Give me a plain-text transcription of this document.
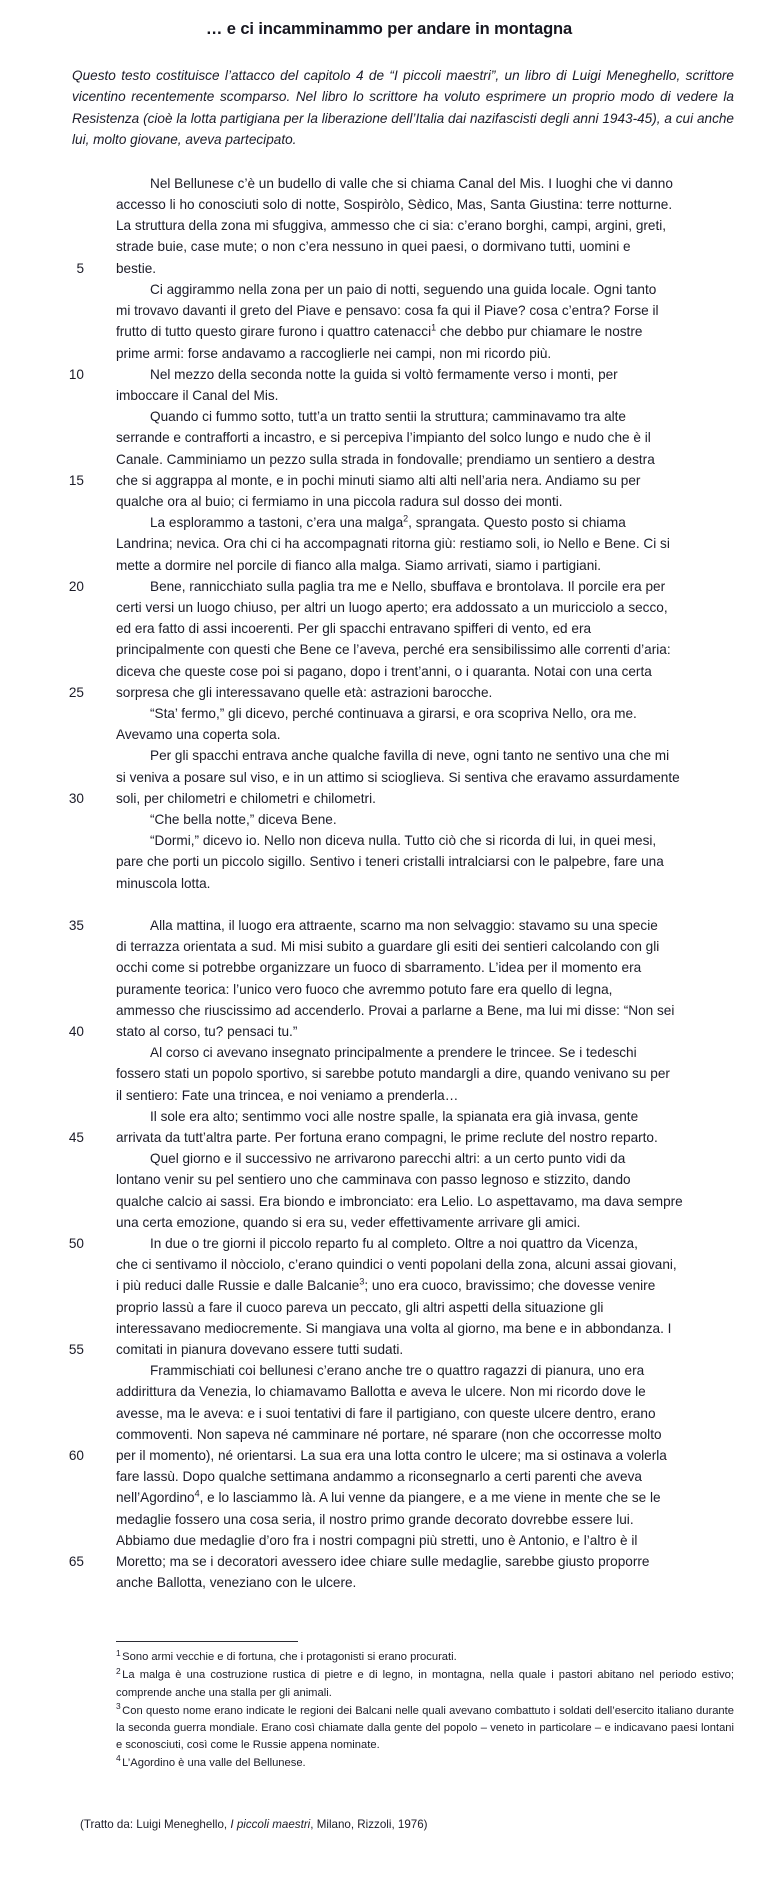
… e ci incamminammo per andare in montagna

Questo testo costituisce l’attacco del capitolo 4 de “I piccoli maestri”, un libro di Luigi Meneghello, scrittore vicentino recentemente scomparso. Nel libro lo scrittore ha voluto esprimere un proprio modo di vedere la Resistenza (cioè la lotta partigiana per la liberazione dell’Italia dai nazifascisti degli anni 1943-45), a cui anche lui, molto giovane, aveva partecipato.

Nel Bellunese c’è un budello di valle che si chiama Canal del Mis. I luoghi che vi danno
accesso li ho conosciuti solo di notte, Sospiròlo, Sèdico, Mas, Santa Giustina: terre notturne.
La struttura della zona mi sfuggiva, ammesso che ci sia: c’erano borghi, campi, argini, greti,
strade buie, case mute; o non c’era nessuno in quei paesi, o dormivano tutti, uomini e
5 bestie.
Ci aggirammo nella zona per un paio di notti, seguendo una guida locale. Ogni tanto
mi trovavo davanti il greto del Piave e pensavo: cosa fa qui il Piave? cosa c’entra? Forse il
frutto di tutto questo girare furono i quattro catenacci$^1$ che debbo pur chiamare le nostre
prime armi: forse andavamo a raccoglierle nei campi, non mi ricordo più.
10	Nel mezzo della seconda notte la guida si voltò fermamente verso i monti, per
imboccare il Canal del Mis.
Quando ci fummo sotto, tutt’a un tratto sentii la struttura; camminavamo tra alte
serrande e contrafforti a incastro, e si percepiva l’impianto del solco lungo e nudo che è il
Canale. Camminiamo un pezzo sulla strada in fondovalle; prendiamo un sentiero a destra
15 che si aggrappa al monte, e in pochi minuti siamo alti alti nell’aria nera. Andiamo su per
qualche ora al buio; ci fermiamo in una piccola radura sul dosso dei monti.
La esplorammo a tastoni, c’era una malga$^2$, sprangata. Questo posto si chiama
Landrina; nevica. Ora chi ci ha accompagnati ritorna giù: restiamo soli, io Nello e Bene. Ci si
mette a dormire nel porcile di fianco alla malga. Siamo arrivati, siamo i partigiani.
20	Bene, rannicchiato sulla paglia tra me e Nello, sbuffava e brontolava. Il porcile era per
certi versi un luogo chiuso, per altri un luogo aperto; era addossato a un muricciolo a secco,
ed era fatto di assi incoerenti. Per gli spacchi entravano spifferi di vento, ed era
principalmente con questi che Bene ce l’aveva, perché era sensibilissimo alle correnti d’aria:
diceva che queste cose poi si pagano, dopo i trent’anni, o i quaranta. Notai con una certa
25 sorpresa che gli interessavano quelle età: astrazioni barocche.
“Sta’ fermo,” gli dicevo, perché continuava a girarsi, e ora scopriva Nello, ora me.
Avevamo una coperta sola.
Per gli spacchi entrava anche qualche favilla di neve, ogni tanto ne sentivo una che mi
si veniva a posare sul viso, e in un attimo si scioglieva. Si sentiva che eravamo assurdamente
30 soli, per chilometri e chilometri e chilometri.
“Che bella notte,” diceva Bene.
“Dormi,” dicevo io. Nello non diceva nulla. Tutto ciò che si ricorda di lui, in quei mesi,
pare che porti un piccolo sigillo. Sentivo i teneri cristalli intralciarsi con le palpebre, fare una
minuscola lotta.
35	Alla mattina, il luogo era attraente, scarno ma non selvaggio: stavamo su una specie
di terrazza orientata a sud. Mi misi subito a guardare gli esiti dei sentieri calcolando con gli
occhi come si potrebbe organizzare un fuoco di sbarramento. L’idea per il momento era
puramente teorica: l’unico vero fuoco che avremmo potuto fare era quello di legna,
ammesso che riuscissimo ad accenderlo. Provai a parlarne a Bene, ma lui mi disse: “Non sei
40 stato al corso, tu? pensaci tu.”
Al corso ci avevano insegnato principalmente a prendere le trincee. Se i tedeschi
fossero stati un popolo sportivo, si sarebbe potuto mandargli a dire, quando venivano su per
il sentiero: Fate una trincea, e noi veniamo a prenderla…
Il sole era alto; sentimmo voci alle nostre spalle, la spianata era già invasa, gente
45 arrivata da tutt’altra parte. Per fortuna erano compagni, le prime reclute del nostro reparto.
Quel giorno e il successivo ne arrivarono parecchi altri: a un certo punto vidi da
lontano venir su pel sentiero uno che camminava con passo legnoso e stizzito, dando
qualche calcio ai sassi. Era biondo e imbronciato: era Lelio. Lo aspettavamo, ma dava sempre
una certa emozione, quando si era su, veder effettivamente arrivare gli amici.
50	In due o tre giorni il piccolo reparto fu al completo. Oltre a noi quattro da Vicenza,
che ci sentivamo il nòcciolo, c’erano quindici o venti popolani della zona, alcuni assai giovani,
i più reduci dalle Russie e dalle Balcanie$^3$; uno era cuoco, bravissimo; che dovesse venire
proprio lassù a fare il cuoco pareva un peccato, gli altri aspetti della situazione gli
interessavano mediocremente. Si mangiava una volta al giorno, ma bene e in abbondanza. I
55 comitati in pianura dovevano essere tutti sudati.
Frammischiati coi bellunesi c’erano anche tre o quattro ragazzi di pianura, uno era
addirittura da Venezia, lo chiamavamo Ballotta e aveva le ulcere. Non mi ricordo dove le
avesse, ma le aveva: e i suoi tentativi di fare il partigiano, con queste ulcere dentro, erano
commoventi. Non sapeva né camminare né portare, né sparare (non che occorresse molto
60 per il momento), né orientarsi. La sua era una lotta contro le ulcere; ma si ostinava a volerla
fare lassù. Dopo qualche settimana andammo a riconsegnarlo a certi parenti che aveva
nell’Agordino$^4$, e lo lasciammo là. A lui venne da piangere, e a me viene in mente che se le
medaglie fossero una cosa seria, il nostro primo grande decorato dovrebbe essere lui.
Abbiamo due medaglie d’oro fra i nostri compagni più stretti, uno è Antonio, e l’altro è il
65 Moretto; ma se i decoratori avessero idee chiare sulle medaglie, sarebbe giusto proporre
anche Ballotta, veneziano con le ulcere.

$^1$ Sono armi vecchie e di fortuna, che i protagonisti si erano procurati.

$^2$ La malga è una costruzione rustica di pietre e di legno, in montagna, nella quale i pastori abitano nel periodo estivo; comprende anche una stalla per gli animali.

$^3$ Con questo nome erano indicate le regioni dei Balcani nelle quali avevano combattuto i soldati dell’esercito italiano durante la seconda guerra mondiale. Erano così chiamate dalla gente del popolo – veneto in particolare – e indicavano paesi lontani e sconosciuti, così come le Russie appena nominate.

$^4$ L’Agordino è una valle del Bellunese.

(Tratto da: Luigi Meneghello, I piccoli maestri, Milano, Rizzoli, 1976)
